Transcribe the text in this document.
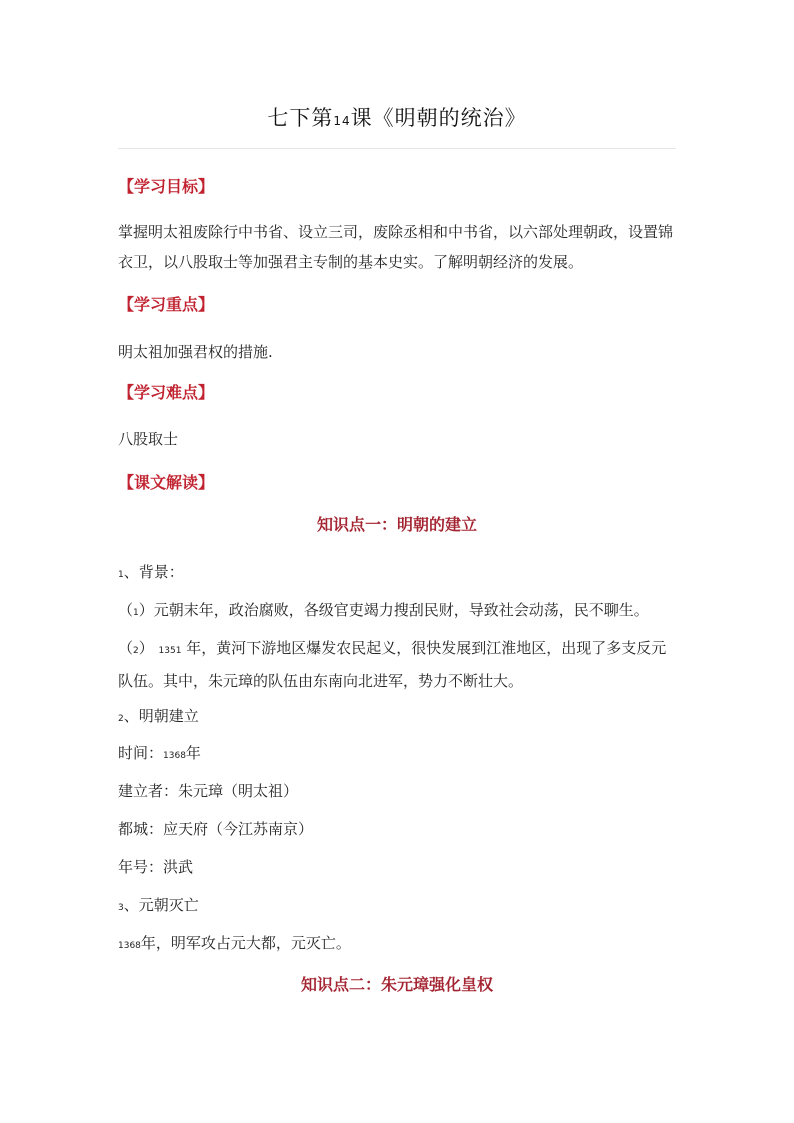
七下第14课《明朝的统治》
【学习目标】

掌握明太祖废除行中书省、设立三司，废除丞相和中书省，以六部处理朝政，设置锦衣卫，以八股取士等加强君主专制的基本史实。了解明朝经济的发展。

【学习重点】

明太祖加强君权的措施.

【学习难点】

八股取士

【课文解读】
知识点一：明朝的建立

1、背景：

（1）元朝末年，政治腐败，各级官吏竭力搜刮民财，导致社会动荡，民不聊生。

（2） 1351 年，黄河下游地区爆发农民起义，很快发展到江淮地区，出现了多支反元队伍。其中，朱元璋的队伍由东南向北进军，势力不断壮大。

2、明朝建立

时间：1368年

建立者：朱元璋（明太祖）

都城：应天府（今江苏南京）

年号：洪武

3、元朝灭亡

1368年，明军攻占元大都，元灭亡。

知识点二：朱元璋强化皇权
